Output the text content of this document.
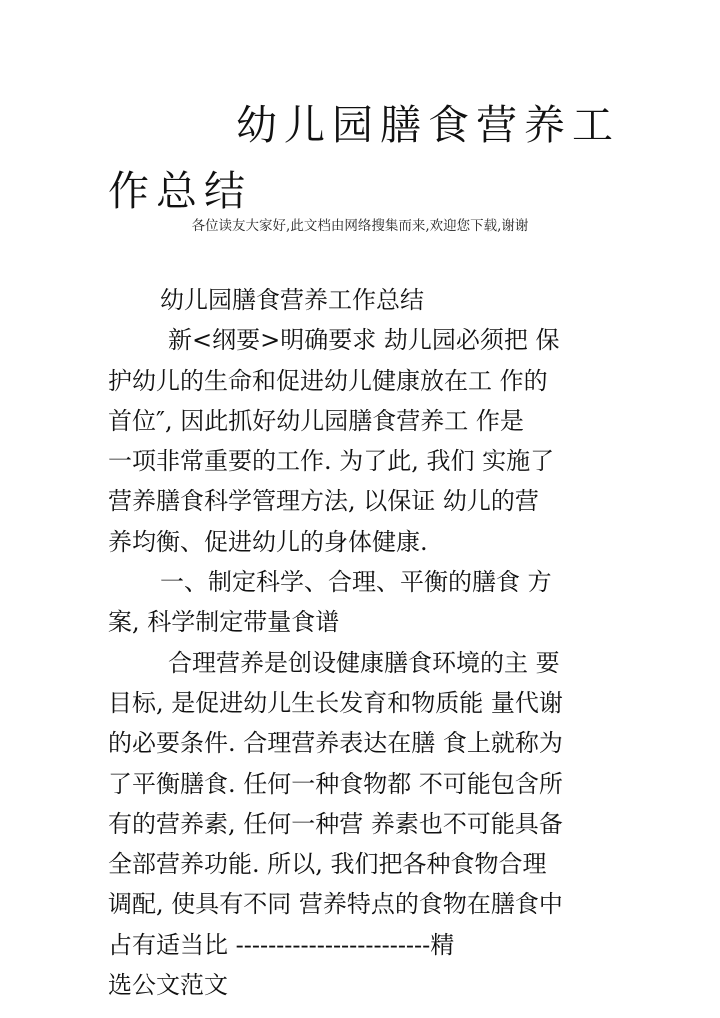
幼儿园膳食营养工作总结
各位读友大家好,此文档由网络搜集而来,欢迎您下载,谢谢
幼儿园膳食营养工作总结
新<纲要>明确要求 劫儿园必须把 保
护幼儿的生命和促进幼儿健康放在工 作的
首位″, 因此抓好幼儿园膳食营养工 作是
一项非常重要的工作. 为了此, 我们 实施了
营养膳食科学管理方法, 以保证 幼儿的营
养均衡、促进幼儿的身体健康.
一、制定科学、合理、平衡的膳食 方
案, 科学制定带量食谱
合理营养是创设健康膳食环境的主 要
目标, 是促进幼儿生长发育和物质能 量代谢
的必要条件. 合理营养表达在膳 食上就称为
了平衡膳食. 任何一种食物都 不可能包含所
有的营养素, 任何一种营 养素也不可能具备
全部营养功能. 所以, 我们把各种食物合理
调配, 使具有不同 营养特点的食物在膳食中
占有适当比 ------------------------精
选公文范文
